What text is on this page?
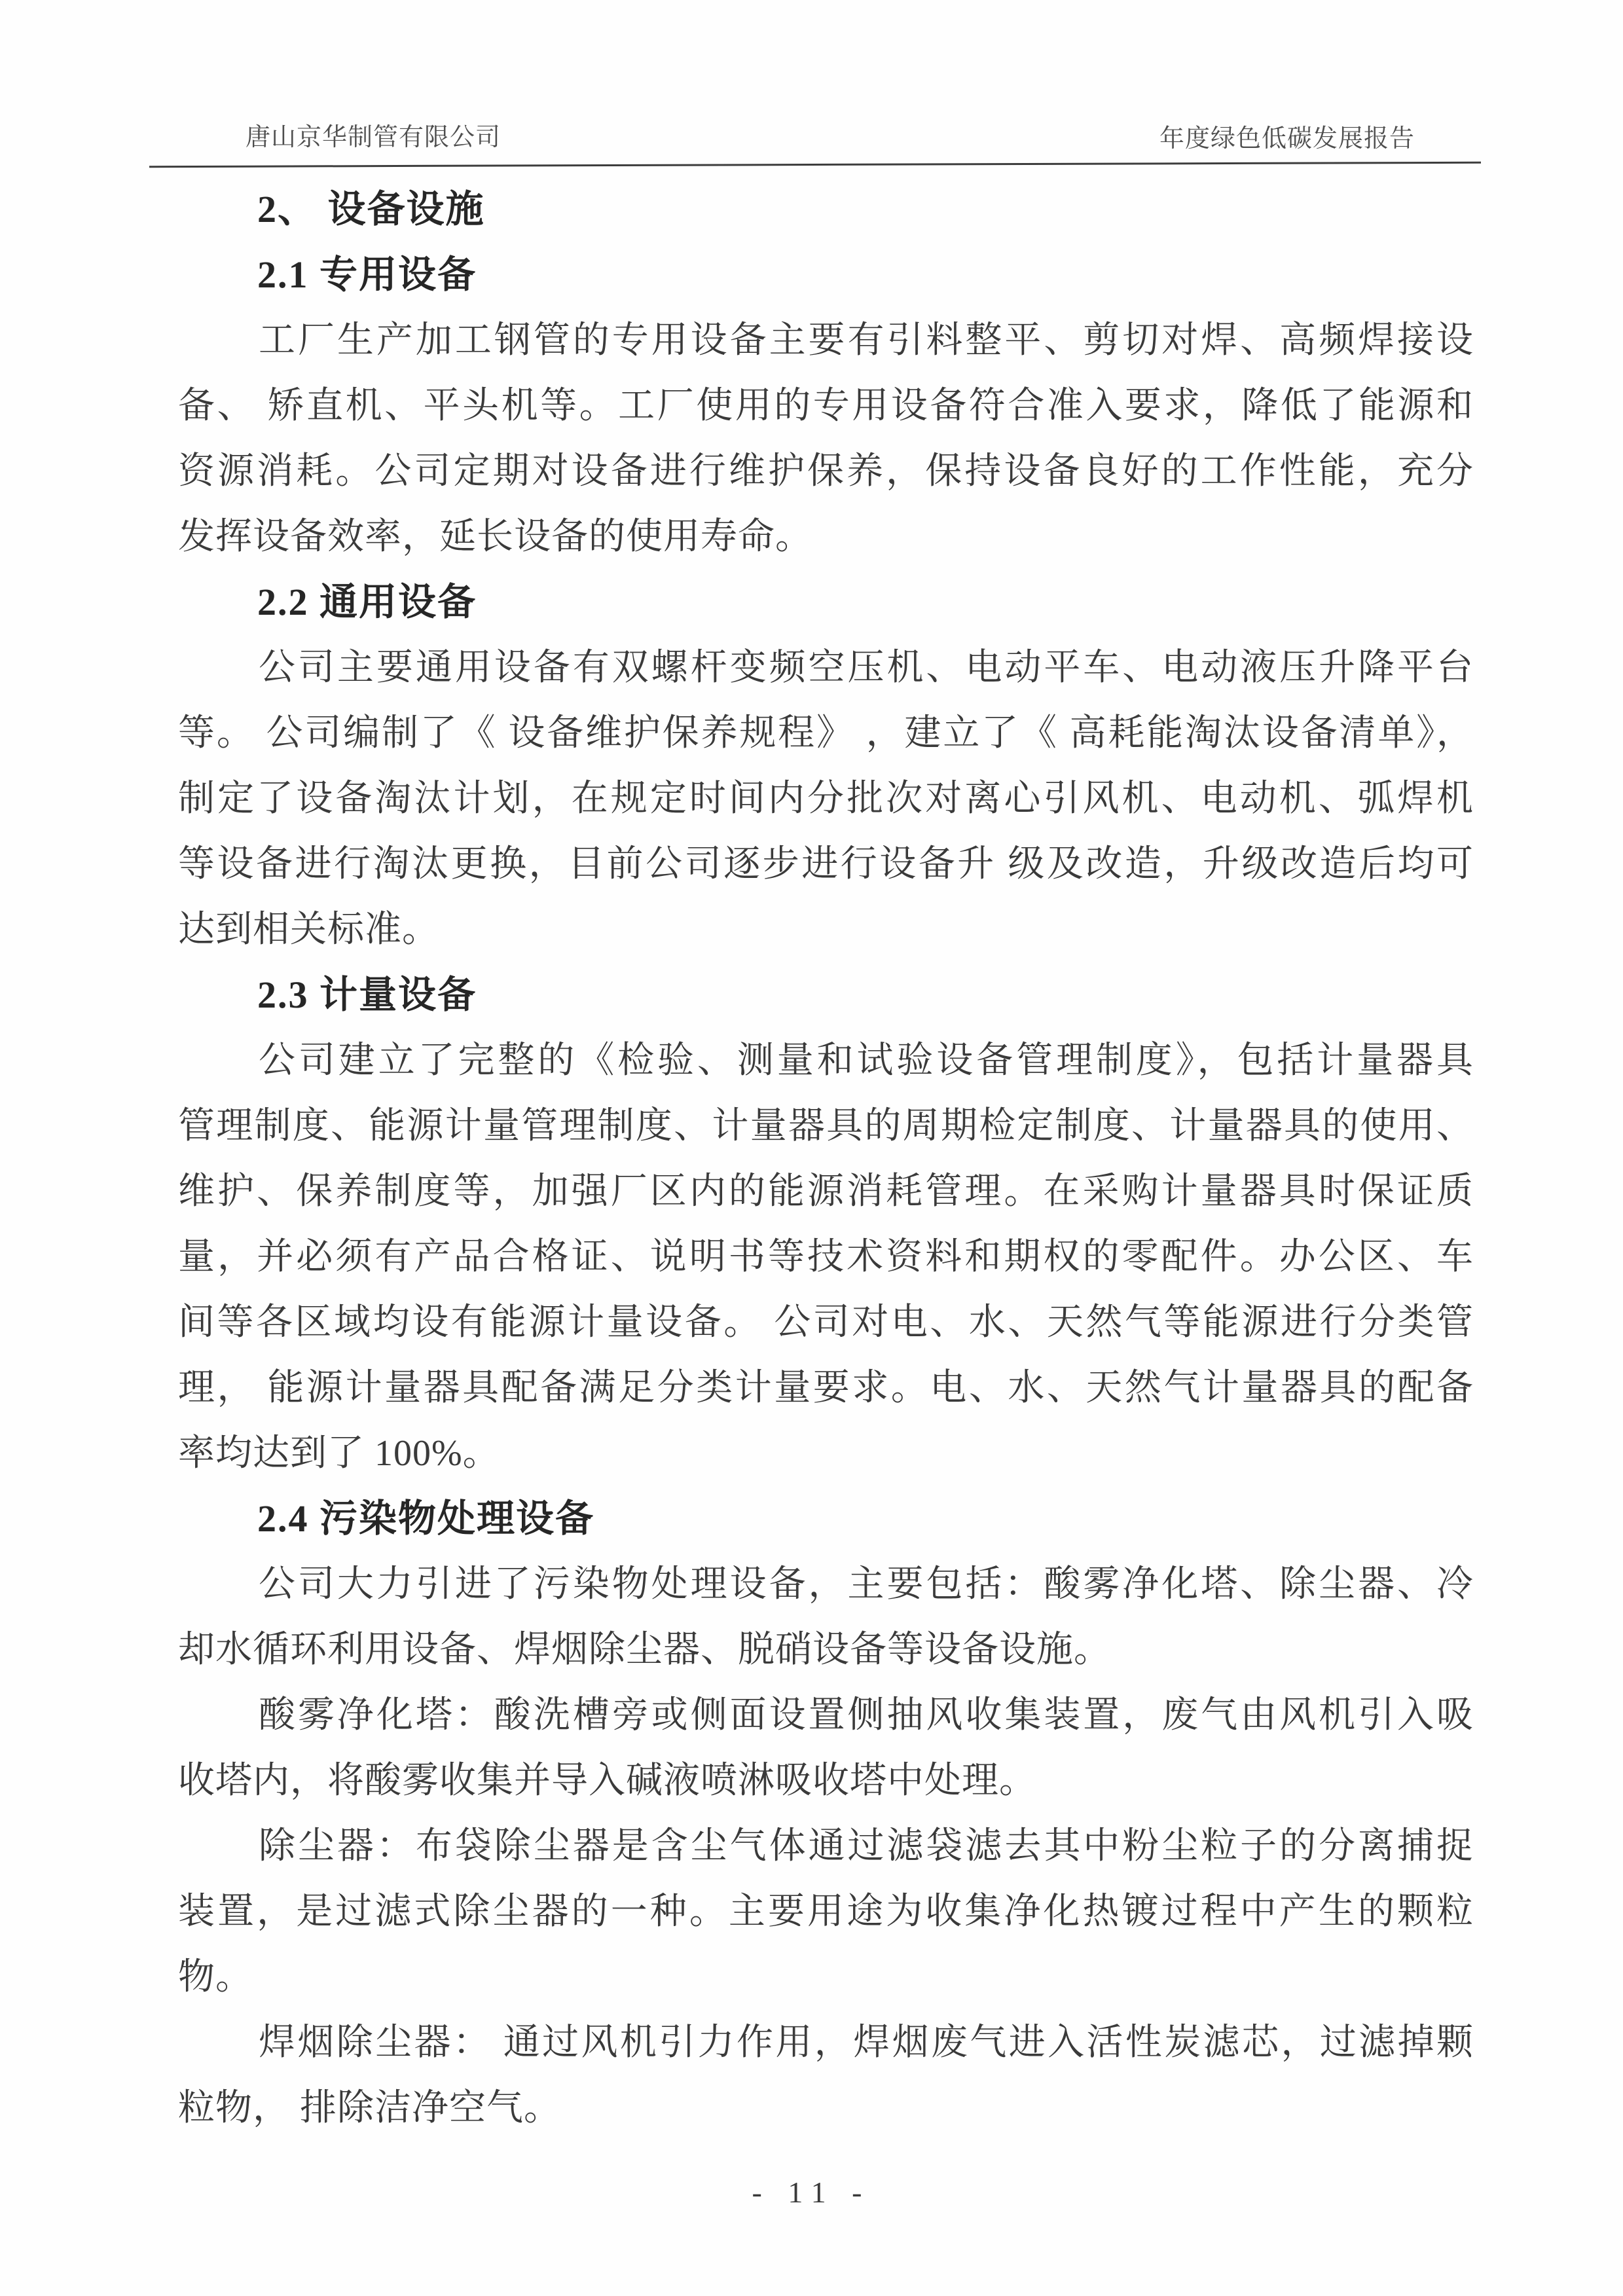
唐山京华制管有限公司	年度绿色低碳发展报告
2、 设备设施
2.1 专用设备
工厂生产加工钢管的专用设备主要有引料整平、剪切对焊、高频焊接设
备、 矫直机、平头机等。工厂使用的专用设备符合准入要求，降低了能源和
资源消耗。公司定期对设备进行维护保养，保持设备良好的工作性能，充分
发挥设备效率，延长设备的使用寿命。
2.2 通用设备
公司主要通用设备有双螺杆变频空压机、电动平车、电动液压升降平台
等。 公司编制了《 设备维护保养规程》 ，建立了《 高耗能淘汰设备清单》，
制定了设备淘汰计划，在规定时间内分批次对离心引风机、电动机、弧焊机
等设备进行淘汰更换，目前公司逐步进行设备升 级及改造，升级改造后均可
达到相关标准。
2.3 计量设备
公司建立了完整的《检验、测量和试验设备管理制度》，包括计量器具
管理制度、能源计量管理制度、计量器具的周期检定制度、计量器具的使用、
维护、保养制度等，加强厂区内的能源消耗管理。在采购计量器具时保证质
量，并必须有产品合格证、说明书等技术资料和期权的零配件。办公区、车
间等各区域均设有能源计量设备。 公司对电、水、天然气等能源进行分类管
理， 能源计量器具配备满足分类计量要求。电、水、天然气计量器具的配备
率均达到了 100%。
2.4 污染物处理设备
公司大力引进了污染物处理设备，主要包括：酸雾净化塔、除尘器、冷
却水循环利用设备、焊烟除尘器、脱硝设备等设备设施。
酸雾净化塔：酸洗槽旁或侧面设置侧抽风收集装置，废气由风机引入吸
收塔内，将酸雾收集并导入碱液喷淋吸收塔中处理。
除尘器：布袋除尘器是含尘气体通过滤袋滤去其中粉尘粒子的分离捕捉
装置，是过滤式除尘器的一种。主要用途为收集净化热镀过程中产生的颗粒
物。
焊烟除尘器： 通过风机引力作用，焊烟废气进入活性炭滤芯，过滤掉颗
粒物， 排除洁净空气。
- 11 -
